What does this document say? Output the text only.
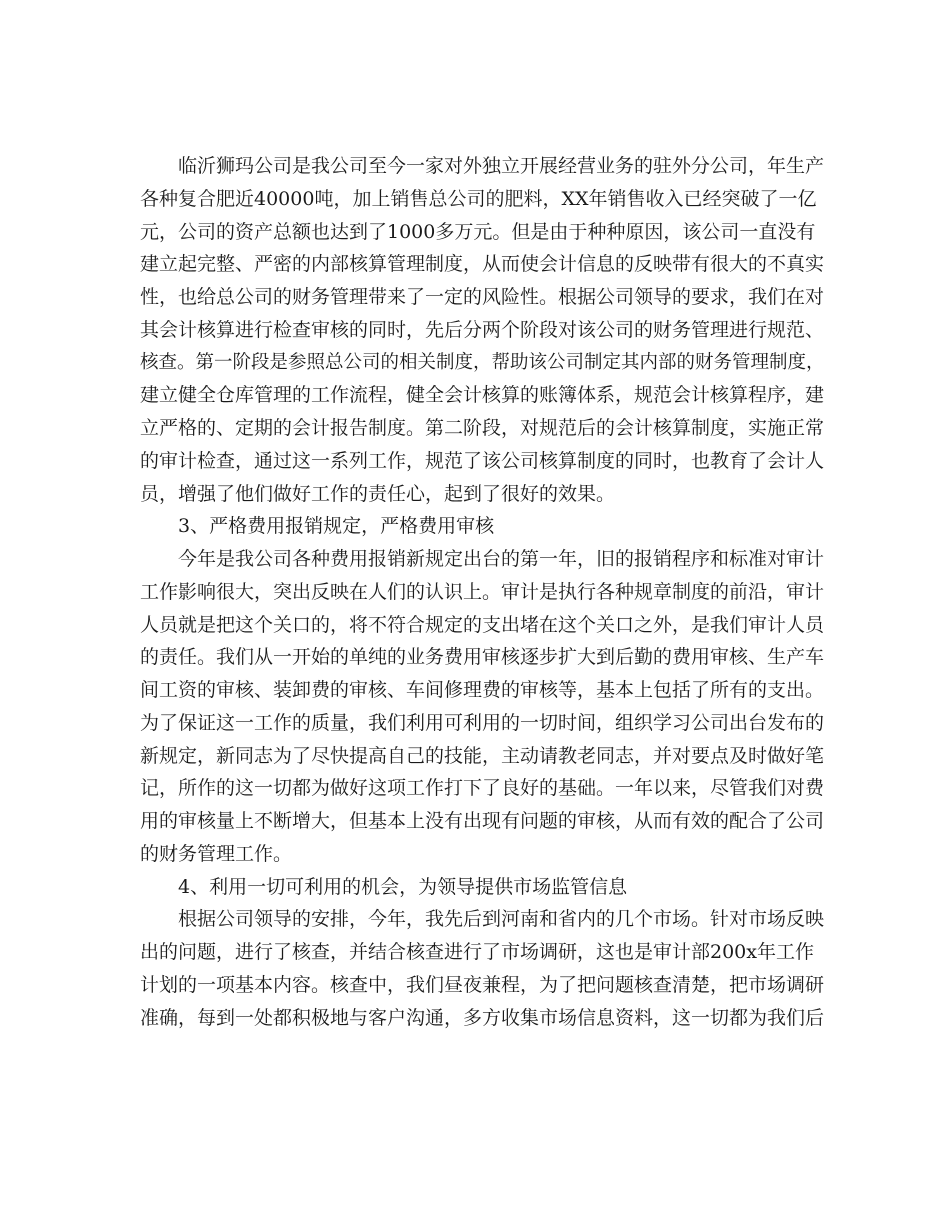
临沂狮玛公司是我公司至今一家对外独立开展经营业务的驻外分公司，年生产
各种复合肥近40000吨，加上销售总公司的肥料，XX年销售收入已经突破了一亿
元，公司的资产总额也达到了1000多万元。但是由于种种原因，该公司一直没有
建立起完整、严密的内部核算管理制度，从而使会计信息的反映带有很大的不真实
性，也给总公司的财务管理带来了一定的风险性。根据公司领导的要求，我们在对
其会计核算进行检查审核的同时，先后分两个阶段对该公司的财务管理进行规范、
核查。第一阶段是参照总公司的相关制度，帮助该公司制定其内部的财务管理制度，
建立健全仓库管理的工作流程，健全会计核算的账簿体系，规范会计核算程序，建
立严格的、定期的会计报告制度。第二阶段，对规范后的会计核算制度，实施正常
的审计检查，通过这一系列工作，规范了该公司核算制度的同时，也教育了会计人
员，增强了他们做好工作的责任心，起到了很好的效果。
3、严格费用报销规定，严格费用审核
今年是我公司各种费用报销新规定出台的第一年，旧的报销程序和标准对审计
工作影响很大，突出反映在人们的认识上。审计是执行各种规章制度的前沿，审计
人员就是把这个关口的，将不符合规定的支出堵在这个关口之外，是我们审计人员
的责任。我们从一开始的单纯的业务费用审核逐步扩大到后勤的费用审核、生产车
间工资的审核、装卸费的审核、车间修理费的审核等，基本上包括了所有的支出。
为了保证这一工作的质量，我们利用可利用的一切时间，组织学习公司出台发布的
新规定，新同志为了尽快提高自己的技能，主动请教老同志，并对要点及时做好笔
记，所作的这一切都为做好这项工作打下了良好的基础。一年以来，尽管我们对费
用的审核量上不断增大，但基本上没有出现有问题的审核，从而有效的配合了公司
的财务管理工作。
4、利用一切可利用的机会，为领导提供市场监管信息
根据公司领导的安排，今年，我先后到河南和省内的几个市场。针对市场反映
出的问题，进行了核查，并结合核查进行了市场调研，这也是审计部200x年工作
计划的一项基本内容。核查中，我们昼夜兼程，为了把问题核查清楚，把市场调研
准确，每到一处都积极地与客户沟通，多方收集市场信息资料，这一切都为我们后
